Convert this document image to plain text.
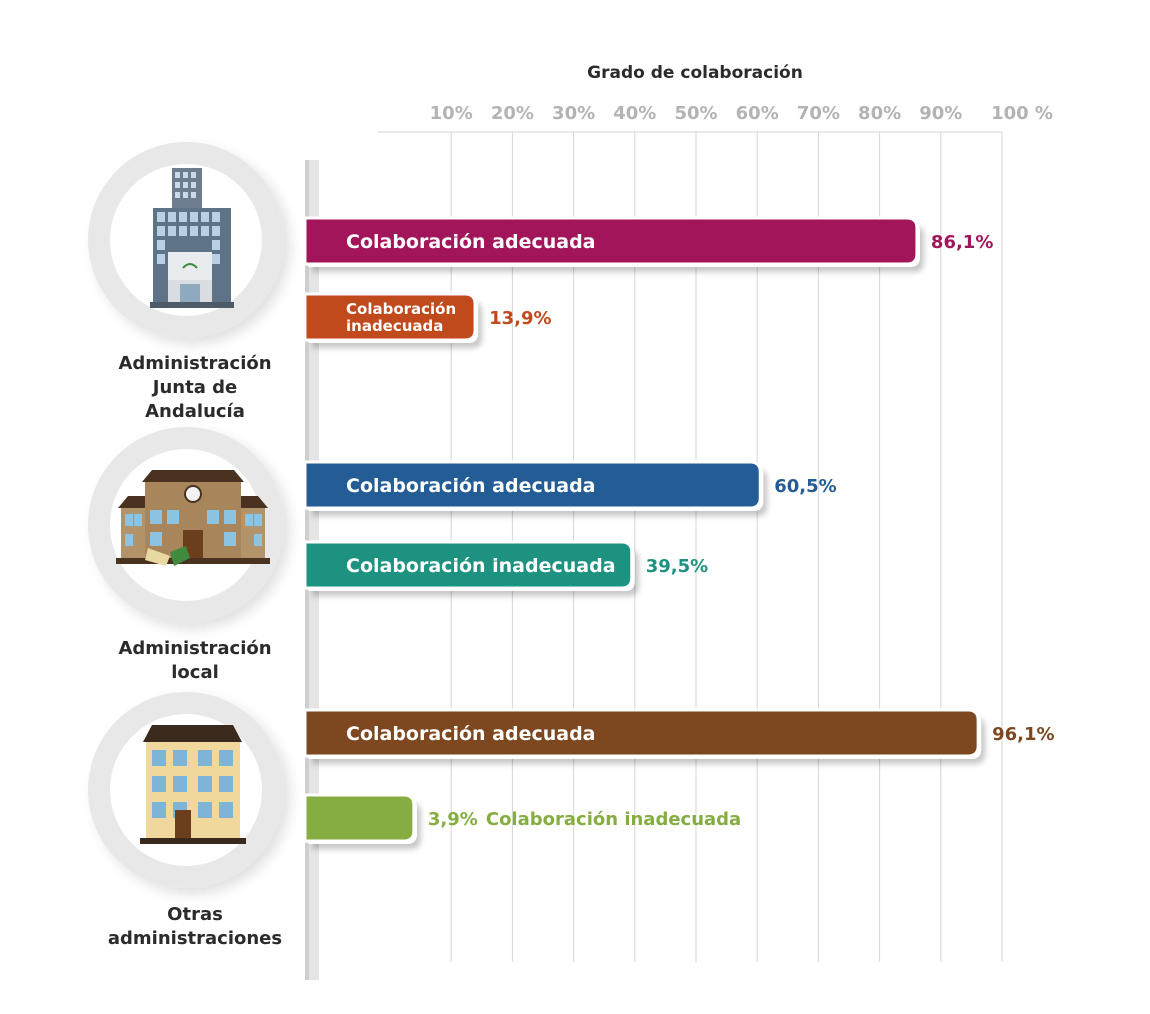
Grado de colaboración
10% 20% 30% 40% 50% 60% 70% 80% 90% 100 %
Administración Junta de Andalucía
Administración local
Otras administraciones
Colaboración adecuada	86,1%
Colaboración inadecuada	13,9%
Colaboración adecuada	60,5%
Colaboración inadecuada 39,5%
Colaboración adecuada	96,1%
3,9% Colaboración inadecuada
